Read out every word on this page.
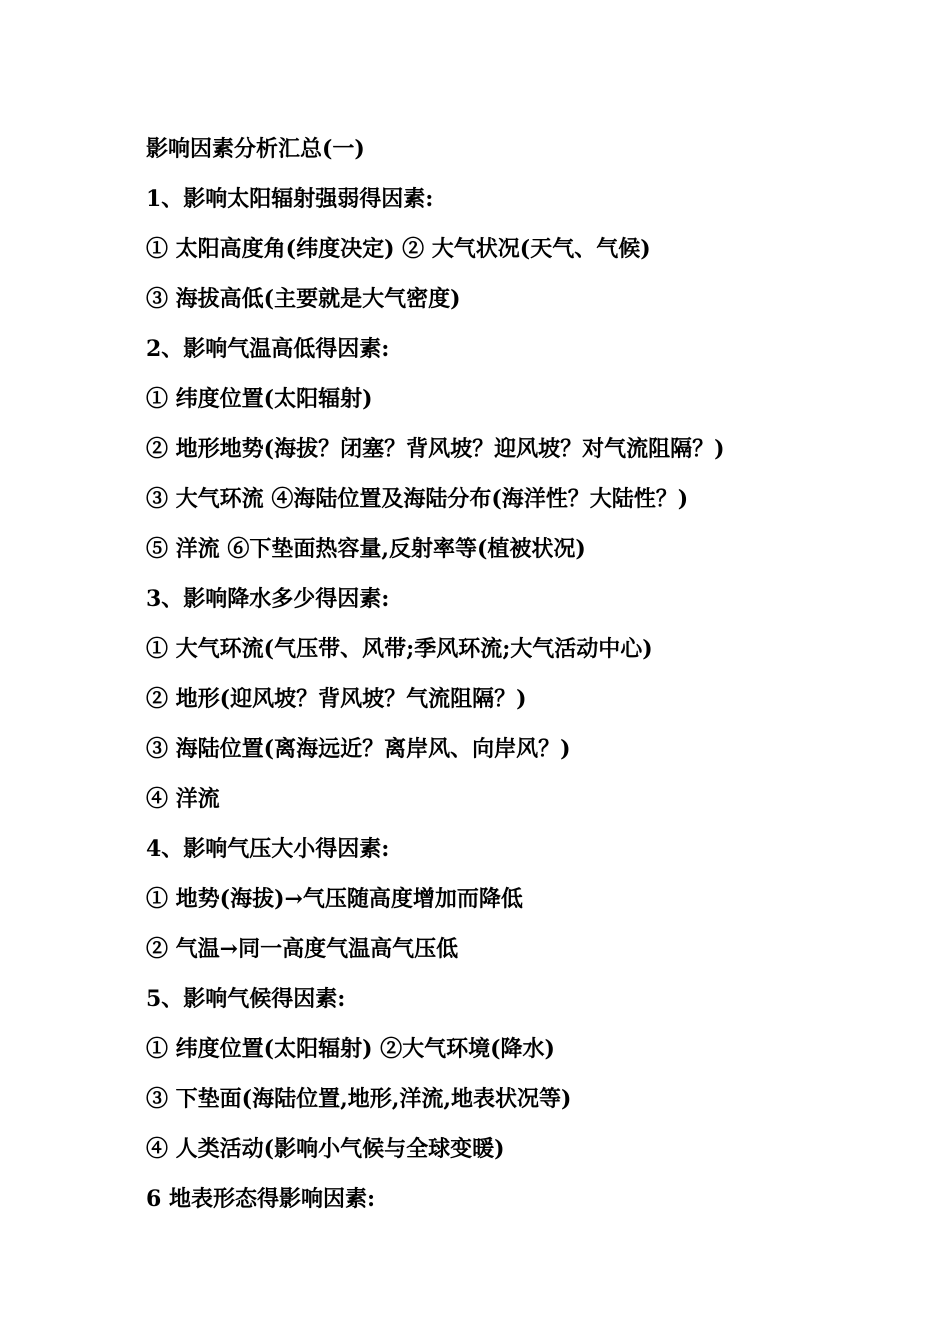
影响因素分析汇总(一)
1、影响太阳辐射强弱得因素:
① 太阳高度角(纬度决定) ② 大气状况(天气、气候)
③ 海拔高低(主要就是大气密度)
2、影响气温高低得因素:
① 纬度位置(太阳辐射)
② 地形地势(海拔？闭塞？背风坡？迎风坡？对气流阻隔？)
③ 大气环流 ④海陆位置及海陆分布(海洋性？大陆性？)
⑤ 洋流 ⑥下垫面热容量,反射率等(植被状况)
3、影响降水多少得因素:
① 大气环流(气压带、风带;季风环流;大气活动中心)
② 地形(迎风坡？背风坡？气流阻隔？)
③ 海陆位置(离海远近？离岸风、向岸风？)
④ 洋流
4、影响气压大小得因素:
① 地势(海拔)→气压随高度增加而降低
② 气温→同一高度气温高气压低
5、影响气候得因素:
① 纬度位置(太阳辐射) ②大气环境(降水)
③ 下垫面(海陆位置,地形,洋流,地表状况等)
④ 人类活动(影响小气候与全球变暖)
6 地表形态得影响因素:
